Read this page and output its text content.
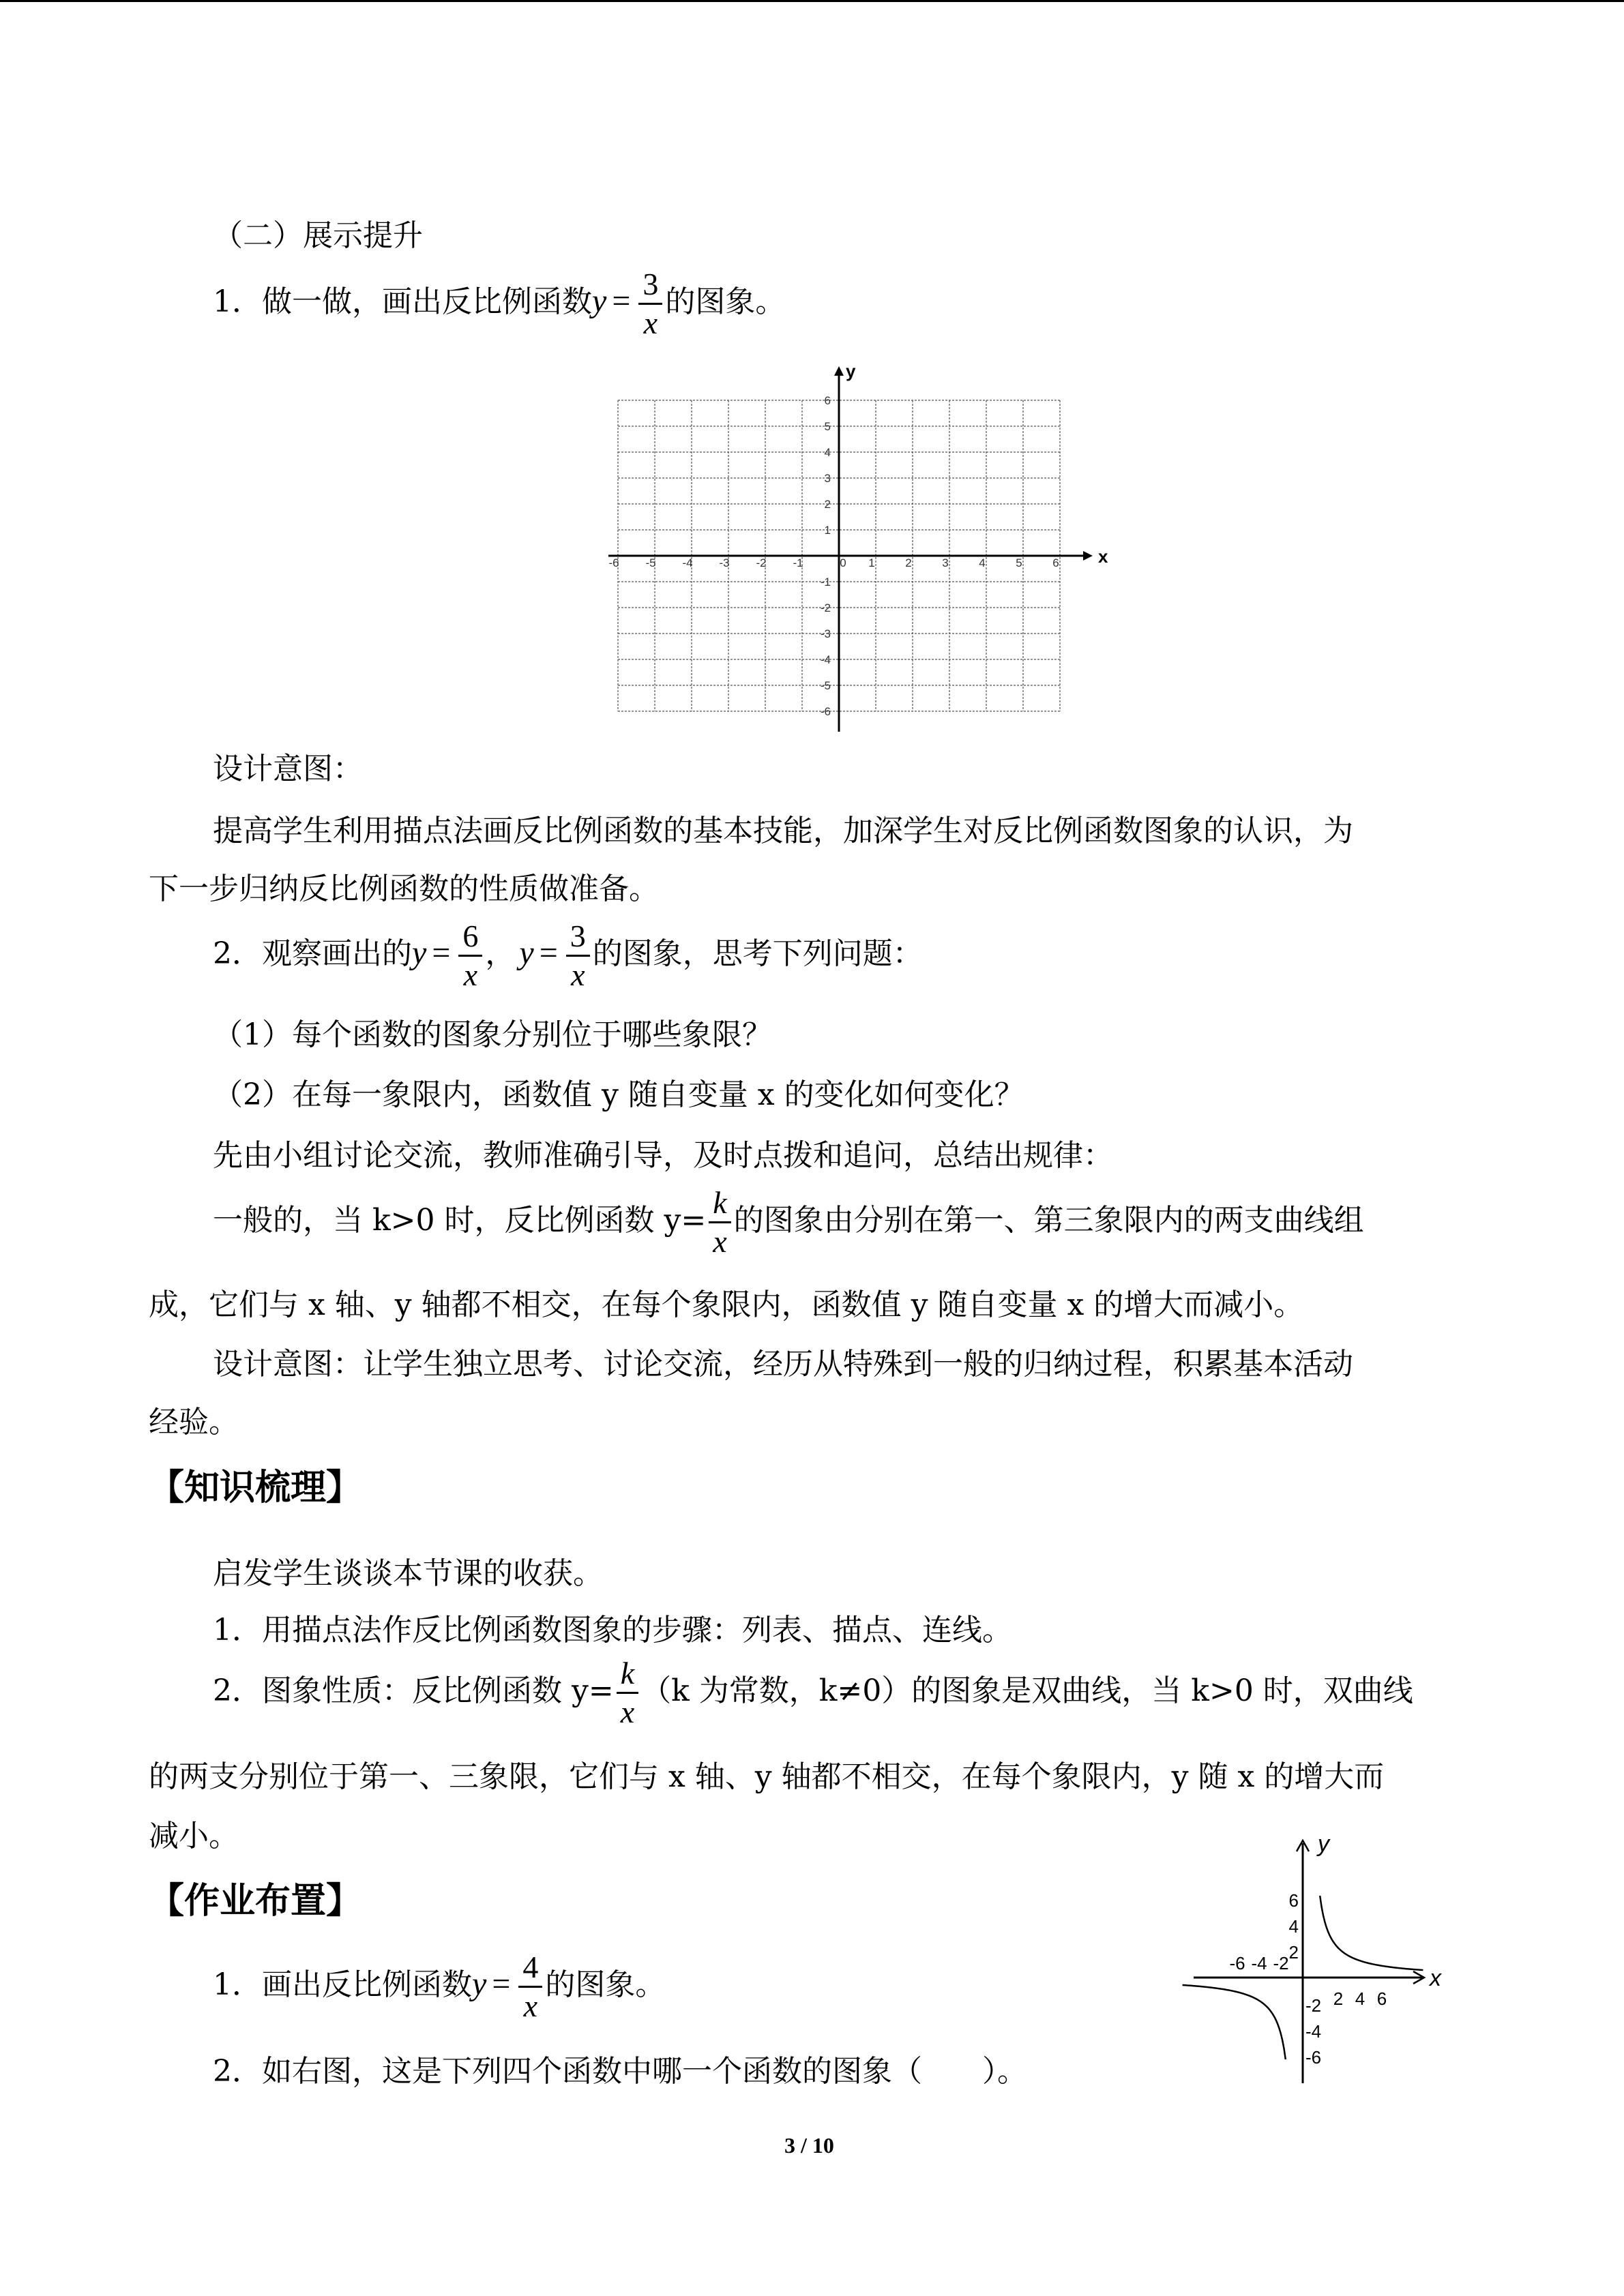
（二）展示提升
1．做一做，画出反比例函数$y = \frac{3}{x}$ 的图象。
x
y
-6 -5 -4 -3 -2 -1	0 1	2	3	4	5	6
6
5
4
3
2
1
-1
-2
-3
-4
-5
-6
设计意图：
提高学生利用描点法画反比例函数的基本技能，加深学生对反比例函数图象的认识，为
下一步归纳反比例函数的性质做准备。
2．观察画出的$y = \frac{6}{x}$ ， $y = \frac{3}{x}$ 的图象，思考下列问题：
（1）每个函数的图象分别位于哪些象限？
（2）在每一象限内，函数值 y 随自变量 x 的变化如何变化？
先由小组讨论交流，教师准确引导，及时点拨和追问，总结出规律：
一般的，当 k>0 时，反比例函数 $y= \frac{k}{x}$ 的图象由分别在第一、第三象限内的两支曲线组
成，它们与 x 轴、y 轴都不相交，在每个象限内，函数值 y 随自变量 x 的增大而减小。
设计意图：让学生独立思考、讨论交流，经历从特殊到一般的归纳过程，积累基本活动
经验。
【知识梳理】
启发学生谈谈本节课的收获。
1．用描点法作反比例函数图象的步骤：列表、描点、连线。
2．图象性质：反比例函数 $y= \frac{k}{x} (k$ 为常数，k≠0）的图象是双曲线，当 k>0 时，双曲线
的两支分别位于第一、三象限，它们与 x 轴、y 轴都不相交，在每个象限内，y 随 x 的增大而
减小。
【作业布置】
1．画出反比例函数$y = \frac{4}{x}$ 的图象。
2．如右图，这是下列四个函数中哪一个函数的图象（　　）。
x
y
-6 -4 -2
2 4 6
6
4
2
-2
-4
-6
3 / 10
